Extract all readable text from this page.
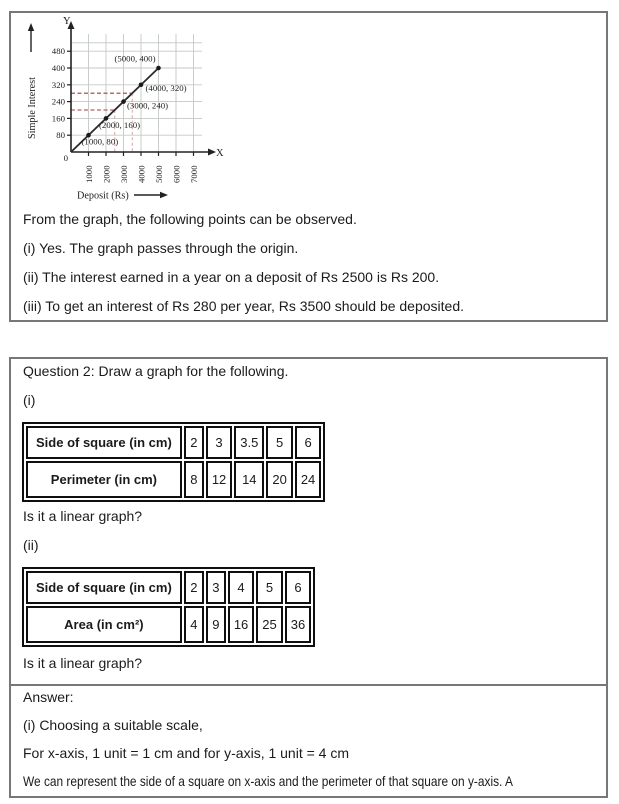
Y
X
0
80
160
240
320
400
480
1000 2000 3000 4000 5000 6000 7000
(1000, 80)
(2000, 160)
(3000, 240)
(4000, 320)
(5000, 400)
Deposit (Rs)
Simple Interest

From the graph, the following points can be observed.

(i) Yes. The graph passes through the origin.

(ii) The interest earned in a year on a deposit of Rs 2500 is Rs 200.

(iii) To get an interest of Rs 280 per year, Rs 3500 should be deposited.

Question 2: Draw a graph for the following.

(i)

Side of square (in cm)	2	3	3.5	5	6
Perimeter (in cm)	8	12	14	20	24

Is it a linear graph?

(ii)

Side of square (in cm)	2	3	4	5	6
Area (in cm²)	4	9	16	25	36

Is it a linear graph?

Answer:

(i) Choosing a suitable scale,

For x-axis, 1 unit = 1 cm and for y-axis, 1 unit = 4 cm

We can represent the side of a square on x-axis and the perimeter of that square on y-axis. A
